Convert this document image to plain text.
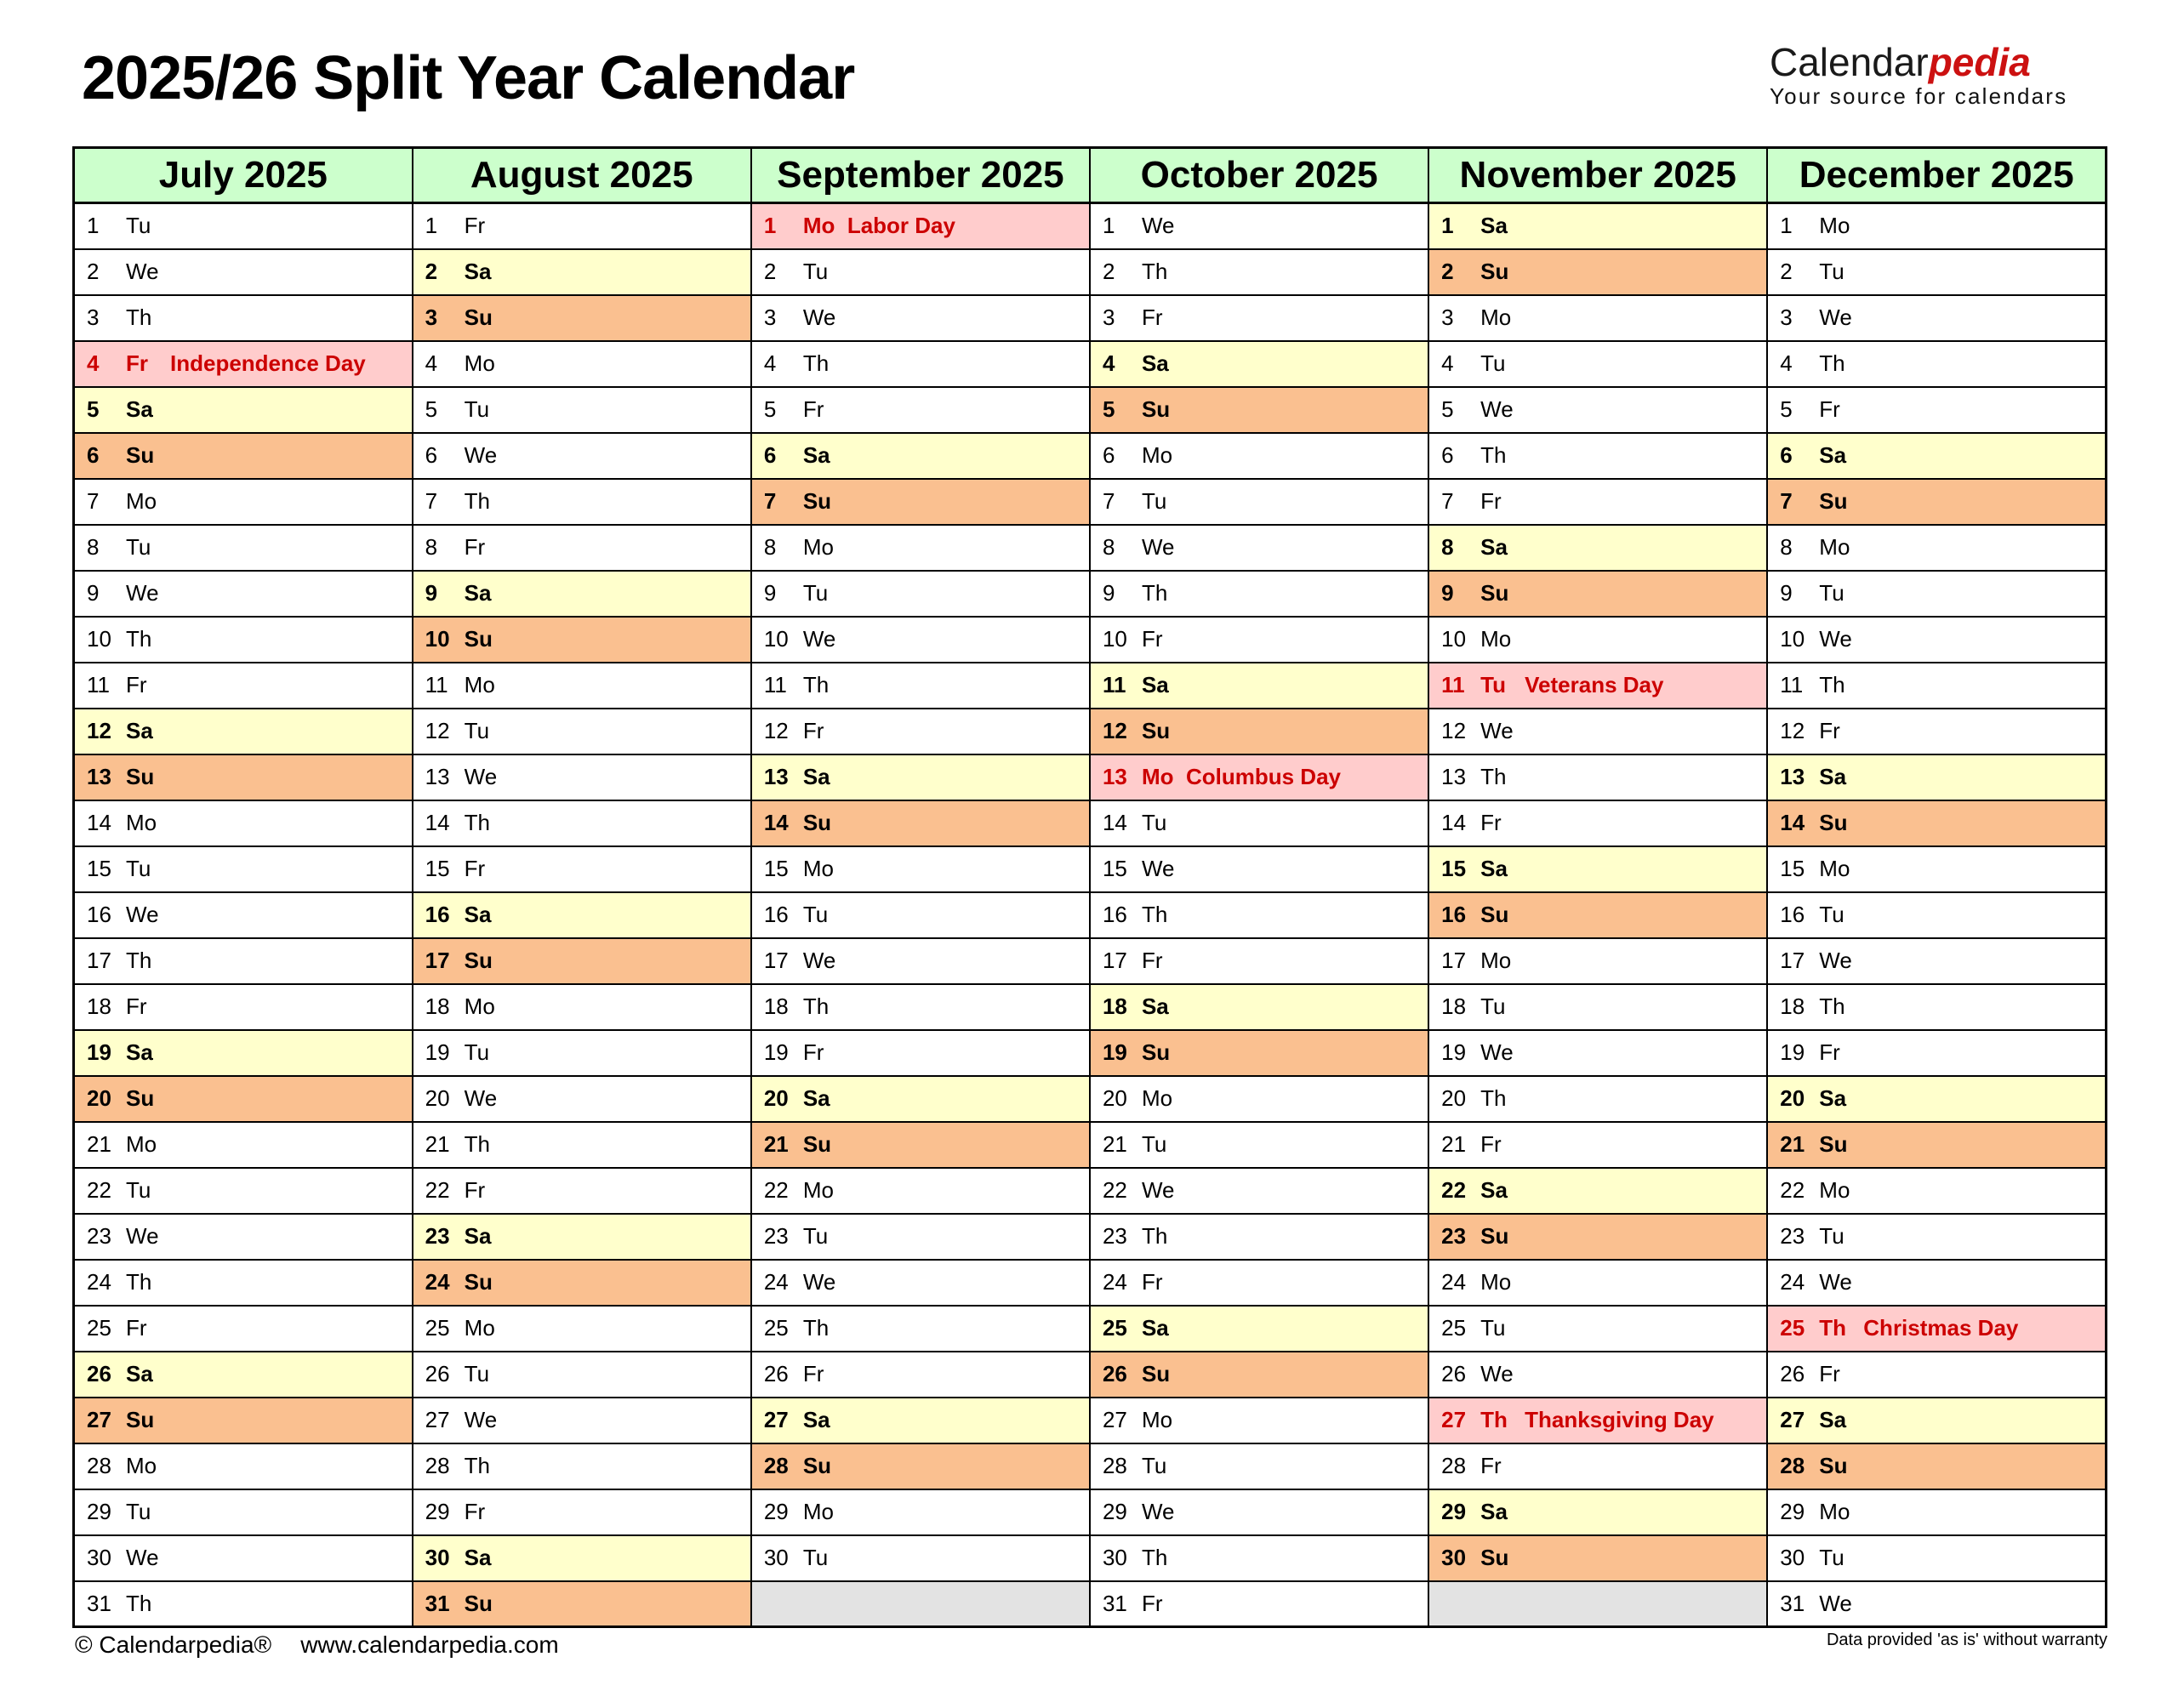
2025/26 Split Year Calendar	Calendarpedia
Your source for calendars
July 2025	August 2025	September 2025	October 2025	November 2025	December 2025

1 Tu	1 Fr	1 Mo Labor Day	1 We	1 Sa	1 Mo

2 We	2 Sa	2 Tu	2 Th	2 Su	2 Tu

3 Th	3 Su	3 We	3 Fr	3 Mo	3 We

4 Fr Independence Day	4 Mo	4 Th	4 Sa	4 Tu	4 Th

5 Sa	5 Tu	5 Fr	5 Su	5 We	5 Fr

6 Su	6 We	6 Sa	6 Mo	6 Th	6 Sa

7 Mo	7 Th	7 Su	7 Tu	7 Fr	7 Su

8 Tu	8 Fr	8 Mo	8 We	8 Sa	8 Mo

9 We	9 Sa	9 Tu	9 Th	9 Su	9 Tu

10 Th	10 Su	10 We	10 Fr	10 Mo	10 We

11 Fr	11 Mo	11 Th	11 Sa	11 Tu Veterans Day	11 Th

12 Sa	12 Tu	12 Fr	12 Su	12 We	12 Fr

13 Su	13 We	13 Sa	13 Mo Columbus Day	13 Th	13 Sa

14 Mo	14 Th	14 Su	14 Tu	14 Fr	14 Su

15 Tu	15 Fr	15 Mo	15 We	15 Sa	15 Mo

16 We	16 Sa	16 Tu	16 Th	16 Su	16 Tu

17 Th	17 Su	17 We	17 Fr	17 Mo	17 We

18 Fr	18 Mo	18 Th	18 Sa	18 Tu	18 Th

19 Sa	19 Tu	19 Fr	19 Su	19 We	19 Fr

20 Su	20 We	20 Sa	20 Mo	20 Th	20 Sa

21 Mo	21 Th	21 Su	21 Tu	21 Fr	21 Su

22 Tu	22 Fr	22 Mo	22 We	22 Sa	22 Mo

23 We	23 Sa	23 Tu	23 Th	23 Su	23 Tu

24 Th	24 Su	24 We	24 Fr	24 Mo	24 We

25 Fr	25 Mo	25 Th	25 Sa	25 Tu	25 Th Christmas Day

26 Sa	26 Tu	26 Fr	26 Su	26 We	26 Fr

27 Su	27 We	27 Sa	27 Mo	27 Th Thanksgiving Day	27 Sa

28 Mo	28 Th	28 Su	28 Tu	28 Fr	28 Su

29 Tu	29 Fr	29 Mo	29 We	29 Sa	29 Mo

30 We	30 Sa	30 Tu	30 Th	30 Su	30 Tu

31 Th	31 Su		31 Fr		31 We
© Calendarpedia® www.calendarpedia.com	Data provided 'as is' without warranty
